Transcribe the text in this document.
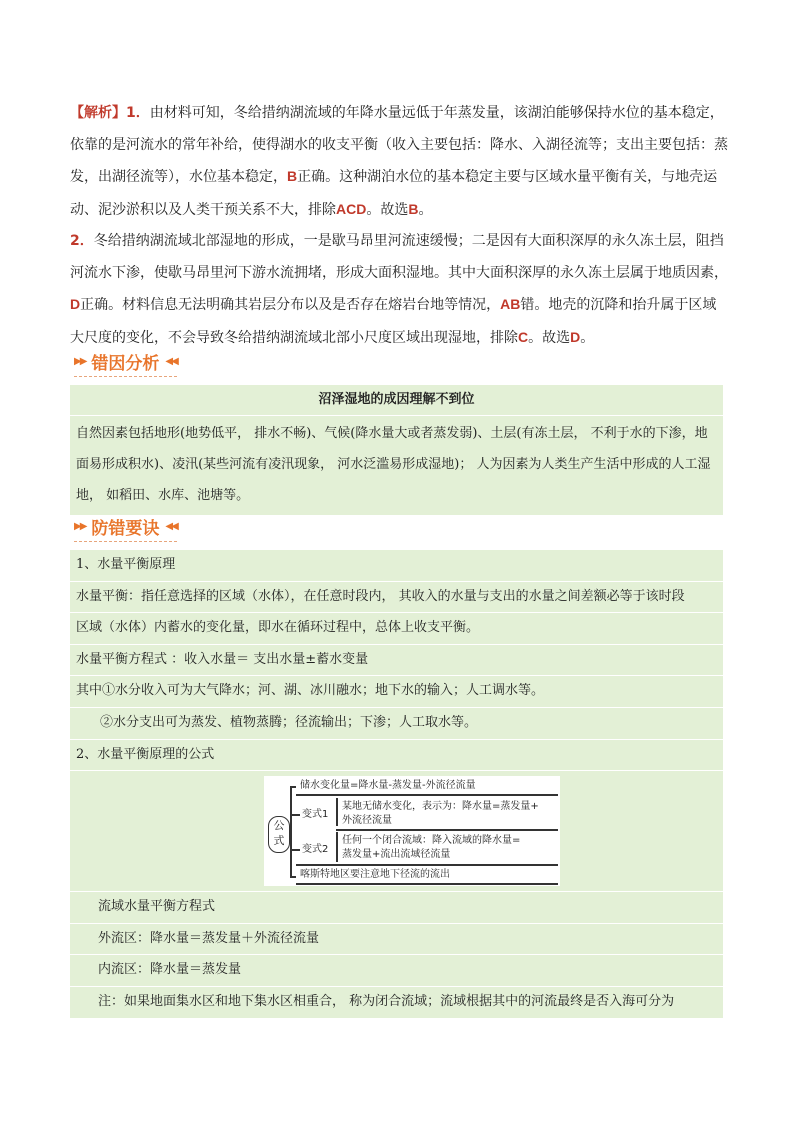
【解析】1．由材料可知，冬给措纳湖流域的年降水量远低于年蒸发量，该湖泊能够保持水位的基本稳定，依靠的是河流水的常年补给，使得湖水的收支平衡（收入主要包括：降水、入湖径流等；支出主要包括：蒸发，出湖径流等），水位基本稳定，B正确。这种湖泊水位的基本稳定主要与区域水量平衡有关，与地壳运动、泥沙淤积以及人类干预关系不大，排除ACD。故选B。

2．冬给措纳湖流域北部湿地的形成，一是歇马昂里河流速缓慢；二是因有大面积深厚的永久冻土层，阻挡河流水下渗，使歇马昂里河下游水流拥堵，形成大面积湿地。其中大面积深厚的永久冻土层属于地质因素，D正确。材料信息无法明确其岩层分布以及是否存在熔岩台地等情况，AB错。地壳的沉降和抬升属于区域大尺度的变化，不会导致冬给措纳湖流域北部小尺度区域出现湿地，排除C。故选D。

▶▶ 错因分析 ◀◀
沼泽湿地的成因理解不到位
自然因素包括地形(地势低平， 排水不畅)、气候(降水量大或者蒸发弱)、土层(有冻土层， 不利于水的下渗，地面易形成积水)、凌汛(某些河流有凌汛现象， 河水泛滥易形成湿地)； 人为因素为人类生产生活中形成的人工湿地， 如稻田、水库、池塘等。
▶▶ 防错要诀 ◀◀
1、水量平衡原理
水量平衡：指任意选择的区域（水体），在任意时段内， 其收入的水量与支出的水量之间差额必等于该时段
区域（水体）内蓄水的变化量，即水在循环过程中，总体上收支平衡。
水量平衡方程式 ：收入水量＝ 支出水量±蓄水变量
其中①水分收入可为大气降水；河、湖、冰川融水；地下水的输入；人工调水等。
②水分支出可为蒸发、植物蒸腾；径流输出；下渗；人工取水等。
2、水量平衡原理的公式
公式
储水变化量=降水量-蒸发量-外流径流量
变式1
某地无储水变化，表示为：降水量=蒸发量+
外流径流量
变式2
任何一个闭合流域：降入流域的降水量=
蒸发量+流出流域径流量
喀斯特地区要注意地下径流的流出
流域水量平衡方程式
外流区：降水量＝蒸发量＋外流径流量
内流区：降水量＝蒸发量
注：如果地面集水区和地下集水区相重合， 称为闭合流域；流域根据其中的河流最终是否入海可分为
